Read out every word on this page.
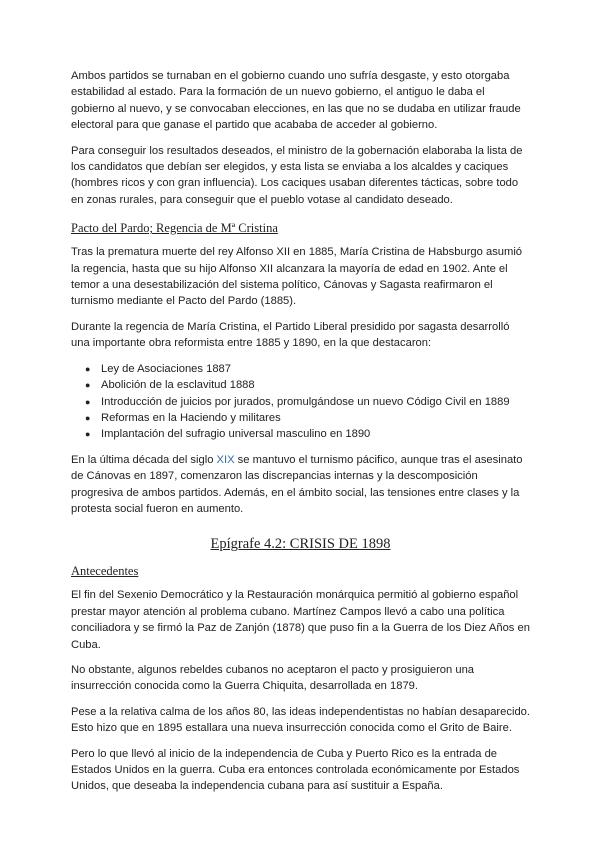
Ambos partidos se turnaban en el gobierno cuando uno sufría desgaste, y esto otorgaba estabilidad al estado. Para la formación de un nuevo gobierno, el antiguo le daba el gobierno al nuevo, y se convocaban elecciones, en las que no se dudaba en utilizar fraude electoral para que ganase el partido que acababa de acceder al gobierno.

Para conseguir los resultados deseados, el ministro de la gobernación elaboraba la lista de los candidatos que debían ser elegidos, y esta lista se enviaba a los alcaldes y caciques (hombres ricos y con gran influencia). Los caciques usaban diferentes tácticas, sobre todo en zonas rurales, para conseguir que el pueblo votase al candidato deseado.

Pacto del Pardo; Regencia de Mª Cristina

Tras la prematura muerte del rey Alfonso XII en 1885, María Cristina de Habsburgo asumió la regencia, hasta que su hijo Alfonso XII alcanzara la mayoría de edad en 1902. Ante el temor a una desestabilización del sistema político, Cánovas y Sagasta reafirmaron el turnismo mediante el Pacto del Pardo (1885).

Durante la regencia de María Cristina, el Partido Liberal presidido por sagasta desarrolló una importante obra reformista entre 1885 y 1890, en la que destacaron:

● Ley de Asociaciones 1887
● Abolición de la esclavitud 1888
● Introducción de juicios por jurados, promulgándose un nuevo Código Civil en 1889
● Reformas en la Haciendo y militares
● Implantación del sufragio universal masculino en 1890

En la última década del siglo XIX se mantuvo el turnismo pácifico, aunque tras el asesinato de Cánovas en 1897, comenzaron las discrepancias internas y la descomposición progresiva de ambos partidos. Además, en el ámbito social, las tensiones entre clases y la protesta social fueron en aumento.

Epígrafe 4.2: CRISIS DE 1898
Antecedentes

El fin del Sexenio Democrático y la Restauración monárquica permitió al gobierno español prestar mayor atención al problema cubano. Martínez Campos llevó a cabo una política conciliadora y se firmó la Paz de Zanjón (1878) que puso fin a la Guerra de los Diez Años en Cuba.

No obstante, algunos rebeldes cubanos no aceptaron el pacto y prosiguieron una insurrección conocida como la Guerra Chiquita, desarrollada en 1879.

Pese a la relativa calma de los años 80, las ideas independentistas no habían desaparecido. Esto hizo que en 1895 estallara una nueva insurrección conocida como el Grito de Baire.

Pero lo que llevó al inicio de la independencia de Cuba y Puerto Rico es la entrada de Estados Unidos en la guerra. Cuba era entonces controlada económicamente por Estados Unidos, que deseaba la independencia cubana para así sustituir a España.
